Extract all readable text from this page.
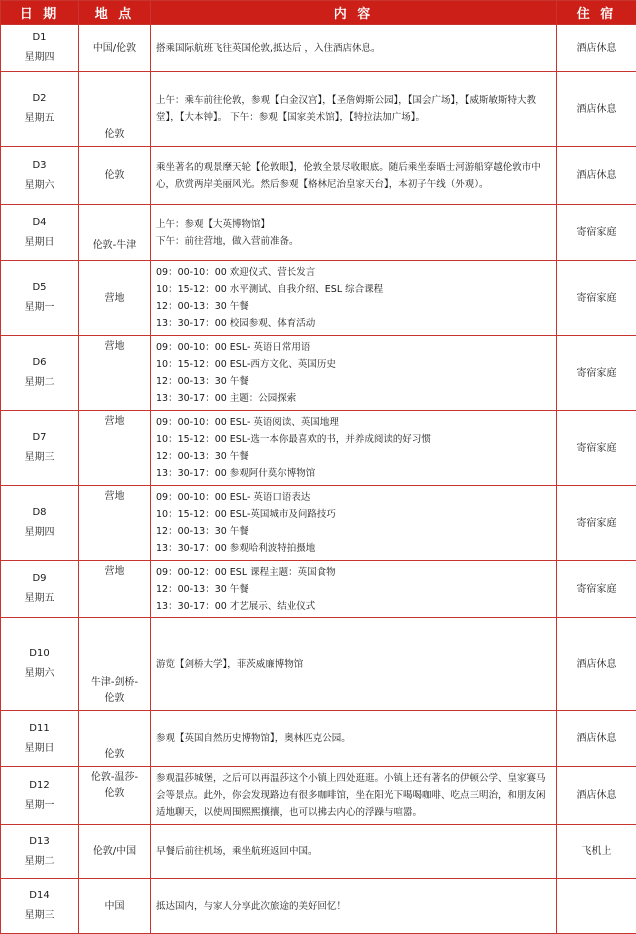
日 期	地 点	内 容	住 宿

D1
星期四	中国/伦敦	搭乘国际航班飞往英国伦敦,抵达后 ，入住酒店休息。	酒店休息

D2
星期五	伦敦	上午：乘车前往伦敦，参观【白金汉宫】，【圣詹姆斯公园】，【国会广场】，【威斯敏斯特大教堂】，【大本钟】。 下午：参观【国家美术馆】，【特拉法加广场】。	酒店休息

D3
星期六	伦敦	乘坐著名的观景摩天轮【伦敦眼】，伦敦全景尽收眼底。随后乘坐泰晤士河游船穿越伦敦市中心，欣赏两岸美丽风光。然后参观【格林尼治皇家天台】，本初子午线（外观）。	酒店休息

D4
星期日	伦敦-牛津	上午：参观【大英博物馆】
下午：前往营地，做入营前准备。	寄宿家庭

D5
星期一	营地	09：00-10：00 欢迎仪式、营长发言
10：15-12：00 水平测试、自我介绍、ESL 综合课程
12：00-13：30 午餐
13：30-17：00 校园参观、体育活动	寄宿家庭

D6
星期二	营地	09：00-10：00 ESL- 英语日常用语
10：15-12：00 ESL-西方文化、英国历史
12：00-13：30 午餐
13：30-17：00 主题：公园探索	寄宿家庭

D7
星期三	营地	09：00-10：00 ESL- 英语阅读、英国地理
10：15-12：00 ESL-选一本你最喜欢的书，并养成阅读的好习惯
12：00-13：30 午餐
13：30-17：00 参观阿什莫尔博物馆	寄宿家庭

D8
星期四	营地	09：00-10：00 ESL- 英语口语表达
10：15-12：00 ESL-英国城市及问路技巧
12：00-13：30 午餐
13：30-17：00 参观哈利波特拍摄地	寄宿家庭

D9
星期五	营地	09：00-12：00 ESL 课程主题：英国食物
12：00-13：30 午餐
13：30-17：00 才艺展示、结业仪式	寄宿家庭

D10
星期六	牛津-剑桥-伦敦	游览【剑桥大学】，菲茨威廉博物馆	酒店休息

D11
星期日	伦敦	参观【英国自然历史博物馆】，奥林匹克公园。	酒店休息

D12
星期一	伦敦-温莎-伦敦	参观温莎城堡，之后可以再温莎这个小镇上四处逛逛。小镇上还有著名的伊顿公学、皇家赛马会等景点。此外，你会发现路边有很多咖啡馆，坐在阳光下喝喝咖啡、吃点三明治，和朋友闲适地聊天，以使周围熙熙攘攘，也可以拂去内心的浮躁与喧嚣。	酒店休息

D13
星期二	伦敦/中国	早餐后前往机场，乘坐航班返回中国。	飞机上

D14
星期三	中国	抵达国内，与家人分享此次旅途的美好回忆！	
